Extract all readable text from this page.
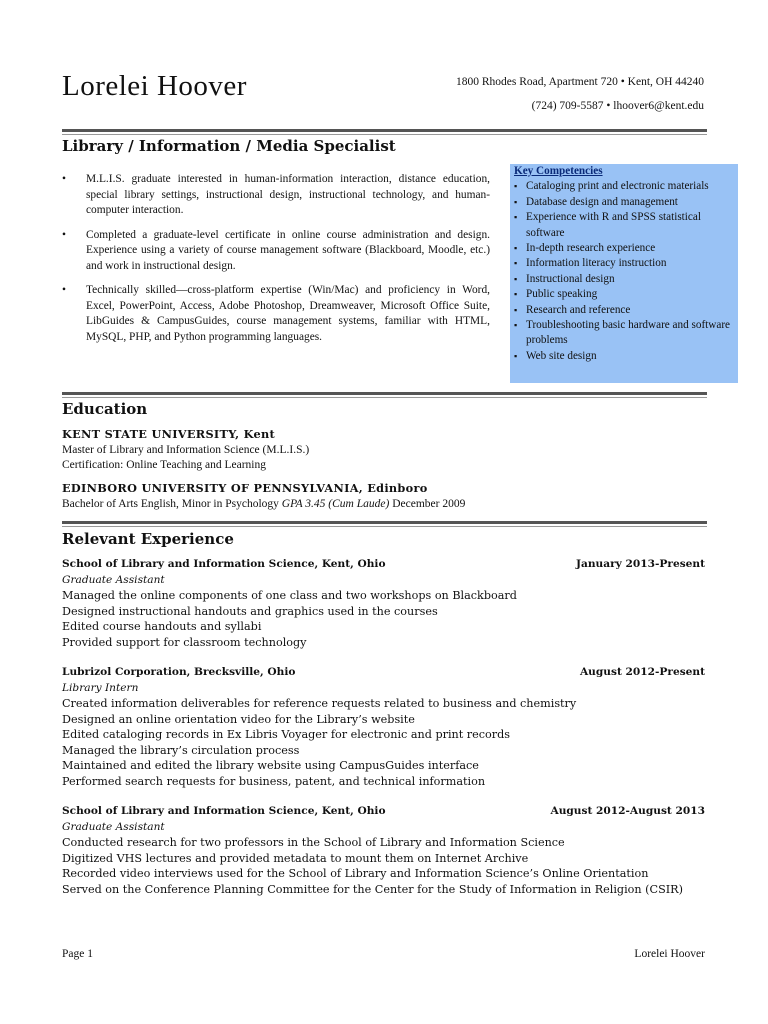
Lorelei Hoover	1800 Rhodes Road, Apartment 720 • Kent, OH 44240
(724) 709-5587 • lhoover6@kent.edu
Library / Information / Media Specialist
• M.L.I.S. graduate interested in human-information interaction, distance education, special library settings, instructional design, instructional technology, and human-computer interaction.
• Completed a graduate-level certificate in online course administration and design. Experience using a variety of course management software (Blackboard, Moodle, etc.) and work in instructional design.
• Technically skilled—cross-platform expertise (Win/Mac) and proficiency in Word, Excel, PowerPoint, Access, Adobe Photoshop, Dreamweaver, Microsoft Office Suite, LibGuides & CampusGuides, course management systems, familiar with HTML, MySQL, PHP, and Python programming languages.
Key Competencies
▪ Cataloging print and electronic materials
▪ Database design and management
▪ Experience with R and SPSS statistical software
▪ In-depth research experience
▪ Information literacy instruction
▪ Instructional design
▪ Public speaking
▪ Research and reference
▪ Troubleshooting basic hardware and software problems
▪ Web site design
Education
KENT STATE UNIVERSITY, Kent
Master of Library and Information Science (M.L.I.S.)
Certification: Online Teaching and Learning
EDINBORO UNIVERSITY OF PENNSYLVANIA, Edinboro
Bachelor of Arts English, Minor in Psychology GPA 3.45 (Cum Laude) December 2009
Relevant Experience
School of Library and Information Science, Kent, Ohio	January 2013-Present
Graduate Assistant
Managed the online components of one class and two workshops on Blackboard
Designed instructional handouts and graphics used in the courses
Edited course handouts and syllabi
Provided support for classroom technology
Lubrizol Corporation, Brecksville, Ohio	August 2012-Present
Library Intern
Created information deliverables for reference requests related to business and chemistry
Designed an online orientation video for the Library’s website
Edited cataloging records in Ex Libris Voyager for electronic and print records
Managed the library’s circulation process
Maintained and edited the library website using CampusGuides interface
Performed search requests for business, patent, and technical information
School of Library and Information Science, Kent, Ohio	August 2012-August 2013
Graduate Assistant
Conducted research for two professors in the School of Library and Information Science
Digitized VHS lectures and provided metadata to mount them on Internet Archive
Recorded video interviews used for the School of Library and Information Science’s Online Orientation
Served on the Conference Planning Committee for the Center for the Study of Information in Religion (CSIR)
Page 1	Lorelei Hoover
